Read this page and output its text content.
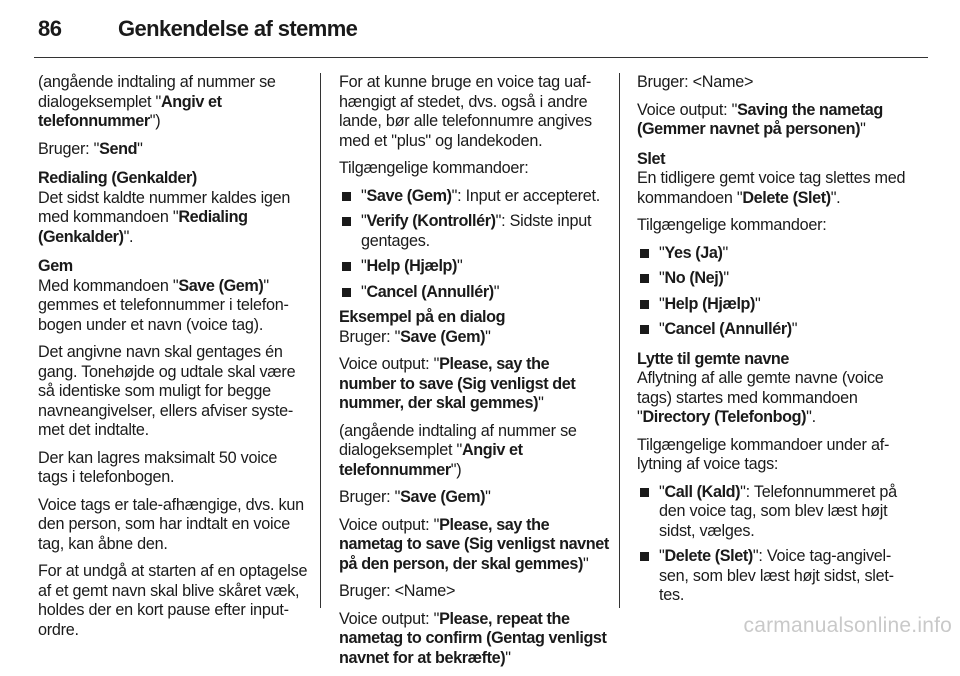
86	Genkendelse af stemme

(angående indtaling af nummer se dialogeksemplet "Angiv et telefonnummer")

Bruger: "Send"

Redialing (Genkalder)
Det sidst kaldte nummer kaldes igen med kommandoen "Redialing (Genkalder)".

Gem
Med kommandoen "Save (Gem)" gemmes et telefonnummer i telefonbogen under et navn (voice tag).

Det angivne navn skal gentages én gang. Tonehøjde og udtale skal være så identiske som muligt for begge navneangivelser, ellers afviser systemet det indtalte.

Der kan lagres maksimalt 50 voice tags i telefonbogen.

Voice tags er tale-afhængige, dvs. kun den person, som har indtalt en voice tag, kan åbne den.

For at undgå at starten af en optagelse af et gemt navn skal blive skåret væk, holdes der en kort pause efter input-ordre.

For at kunne bruge en voice tag uafhængigt af stedet, dvs. også i andre lande, bør alle telefonnumre angives med et "plus" og landekoden.

Tilgængelige kommandoer:

"Save (Gem)": Input er accepteret.
"Verify (Kontrollér)": Sidste input gentages.
"Help (Hjælp)"
"Cancel (Annullér)"

Eksempel på en dialog
Bruger: "Save (Gem)"

Voice output: "Please, say the number to save (Sig venligst det nummer, der skal gemmes)"

(angående indtaling af nummer se dialogeksemplet "Angiv et telefonnummer")

Bruger: "Save (Gem)"

Voice output: "Please, say the nametag to save (Sig venligst navnet på den person, der skal gemmes)"

Bruger: <Name>

Voice output: "Please, repeat the nametag to confirm (Gentag venligst navnet for at bekræfte)"

Bruger: <Name>

Voice output: "Saving the nametag (Gemmer navnet på personen)"

Slet
En tidligere gemt voice tag slettes med kommandoen "Delete (Slet)".

Tilgængelige kommandoer:

"Yes (Ja)"
"No (Nej)"
"Help (Hjælp)"
"Cancel (Annullér)"

Lytte til gemte navne
Aflytning af alle gemte navne (voice tags) startes med kommandoen "Directory (Telefonbog)".

Tilgængelige kommandoer under aflytning af voice tags:

"Call (Kald)": Telefonnummeret på den voice tag, som blev læst højt sidst, vælges.
"Delete (Slet)": Voice tag-angivelsen, som blev læst højt sidst, slettes.
carmanualsonline.info
